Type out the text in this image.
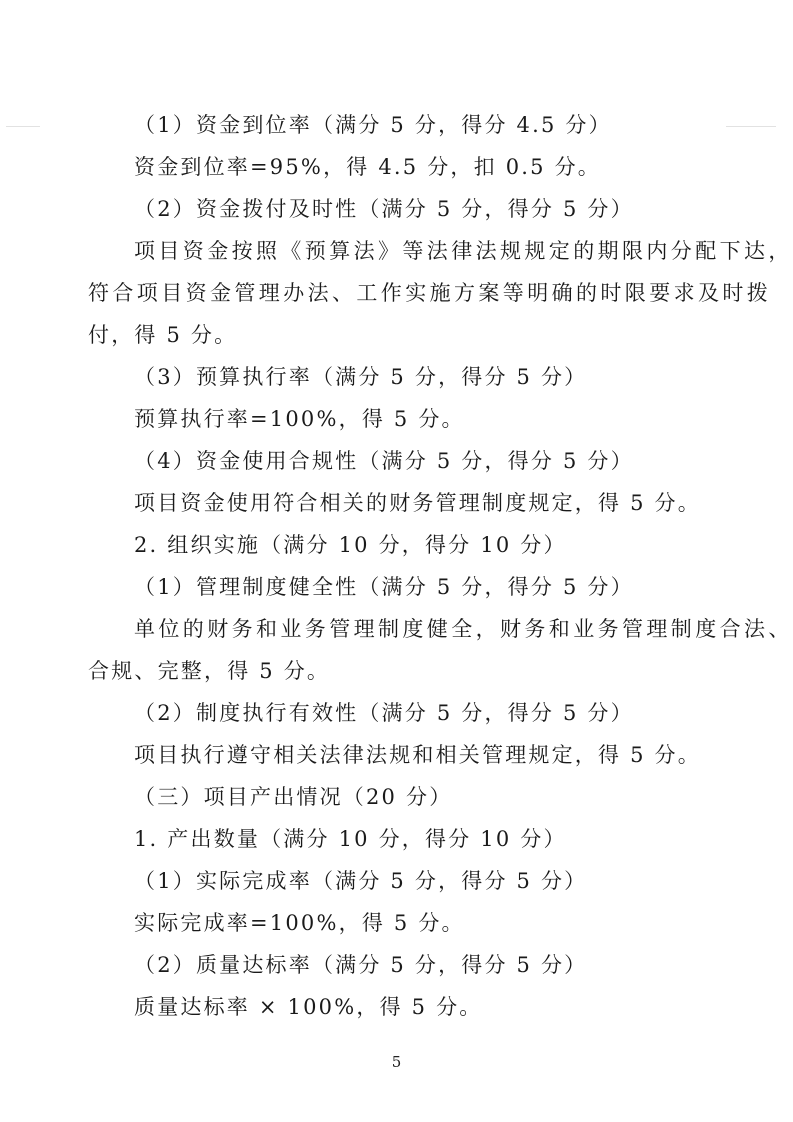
（1）资金到位率（满分 5 分，得分 4.5 分）
资金到位率=95%，得 4.5 分，扣 0.5 分。
（2）资金拨付及时性（满分 5 分，得分 5 分）
项目资金按照《预算法》等法律法规规定的期限内分配下达，
符合项目资金管理办法、工作实施方案等明确的时限要求及时拨
付，得 5 分。
（3）预算执行率（满分 5 分，得分 5 分）
预算执行率=100%，得 5 分。
（4）资金使用合规性（满分 5 分，得分 5 分）
项目资金使用符合相关的财务管理制度规定，得 5 分。
2. 组织实施（满分 10 分，得分 10 分）
（1）管理制度健全性（满分 5 分，得分 5 分）
单位的财务和业务管理制度健全，财务和业务管理制度合法、
合规、完整，得 5 分。
（2）制度执行有效性（满分 5 分，得分 5 分）
项目执行遵守相关法律法规和相关管理规定，得 5 分。
（三）项目产出情况（20 分）
1. 产出数量（满分 10 分，得分 10 分）
（1）实际完成率（满分 5 分，得分 5 分）
实际完成率=100%，得 5 分。
（2）质量达标率（满分 5 分，得分 5 分）
质量达标率 × 100%，得 5 分。
5
